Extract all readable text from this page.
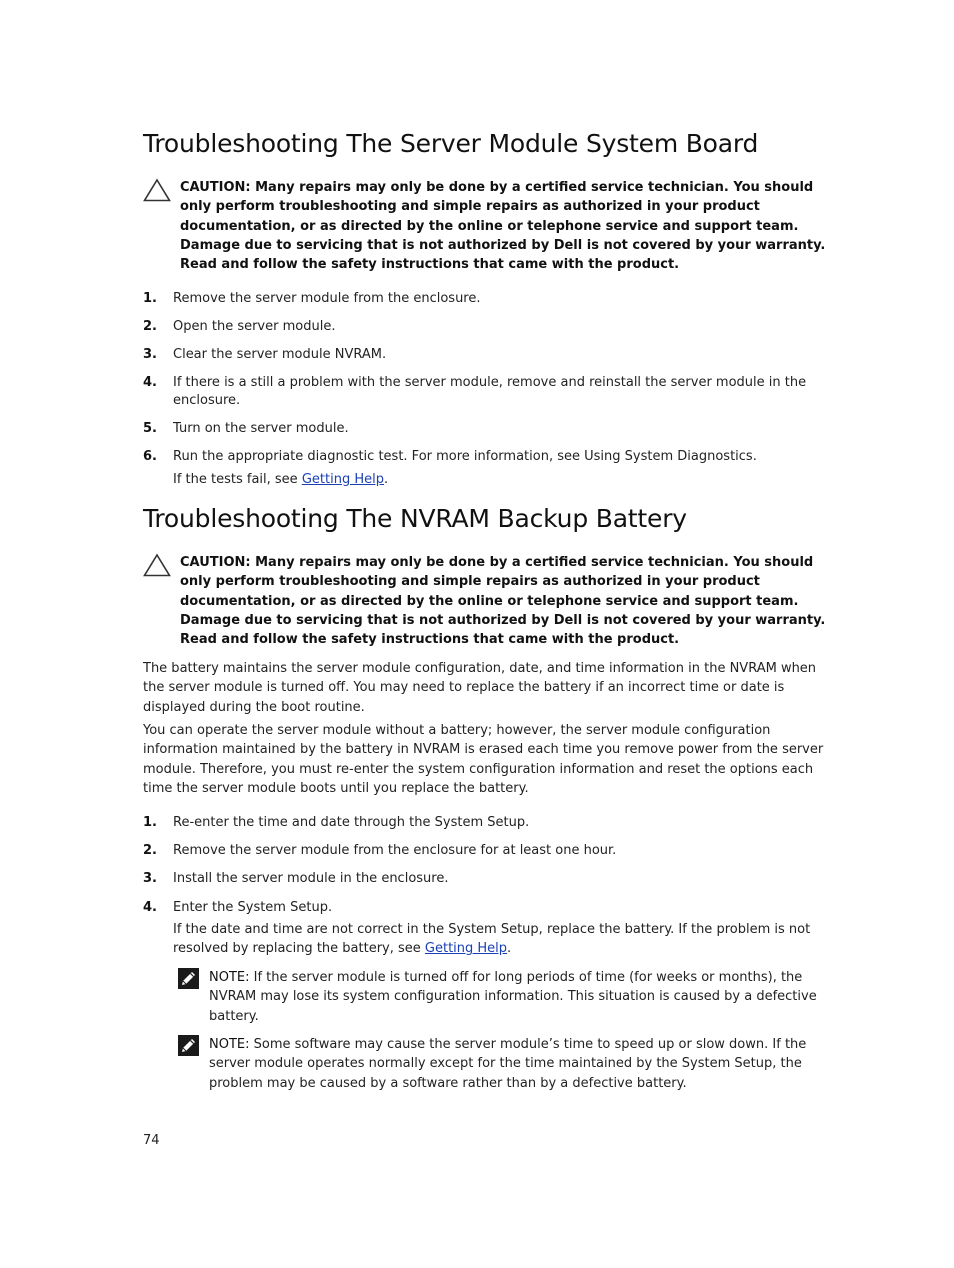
Troubleshooting The Server Module System Board
CAUTION: Many repairs may only be done by a certified service technician. You should only perform troubleshooting and simple repairs as authorized in your product documentation, or as directed by the online or telephone service and support team. Damage due to servicing that is not authorized by Dell is not covered by your warranty. Read and follow the safety instructions that came with the product.
1. Remove the server module from the enclosure.
2. Open the server module.
3. Clear the server module NVRAM.
4. If there is a still a problem with the server module, remove and reinstall the server module in the enclosure.
5. Turn on the server module.
6. Run the appropriate diagnostic test. For more information, see Using System Diagnostics.
If the tests fail, see Getting Help.
Troubleshooting The NVRAM Backup Battery
CAUTION: Many repairs may only be done by a certified service technician. You should only perform troubleshooting and simple repairs as authorized in your product documentation, or as directed by the online or telephone service and support team. Damage due to servicing that is not authorized by Dell is not covered by your warranty. Read and follow the safety instructions that came with the product.
The battery maintains the server module configuration, date, and time information in the NVRAM when the server module is turned off. You may need to replace the battery if an incorrect time or date is displayed during the boot routine.
You can operate the server module without a battery; however, the server module configuration information maintained by the battery in NVRAM is erased each time you remove power from the server module. Therefore, you must re-enter the system configuration information and reset the options each time the server module boots until you replace the battery.
1. Re-enter the time and date through the System Setup.
2. Remove the server module from the enclosure for at least one hour.
3. Install the server module in the enclosure.
4. Enter the System Setup.
If the date and time are not correct in the System Setup, replace the battery. If the problem is not resolved by replacing the battery, see Getting Help.
NOTE: If the server module is turned off for long periods of time (for weeks or months), the NVRAM may lose its system configuration information. This situation is caused by a defective battery.
NOTE: Some software may cause the server module’s time to speed up or slow down. If the server module operates normally except for the time maintained by the System Setup, the problem may be caused by a software rather than by a defective battery.
74
